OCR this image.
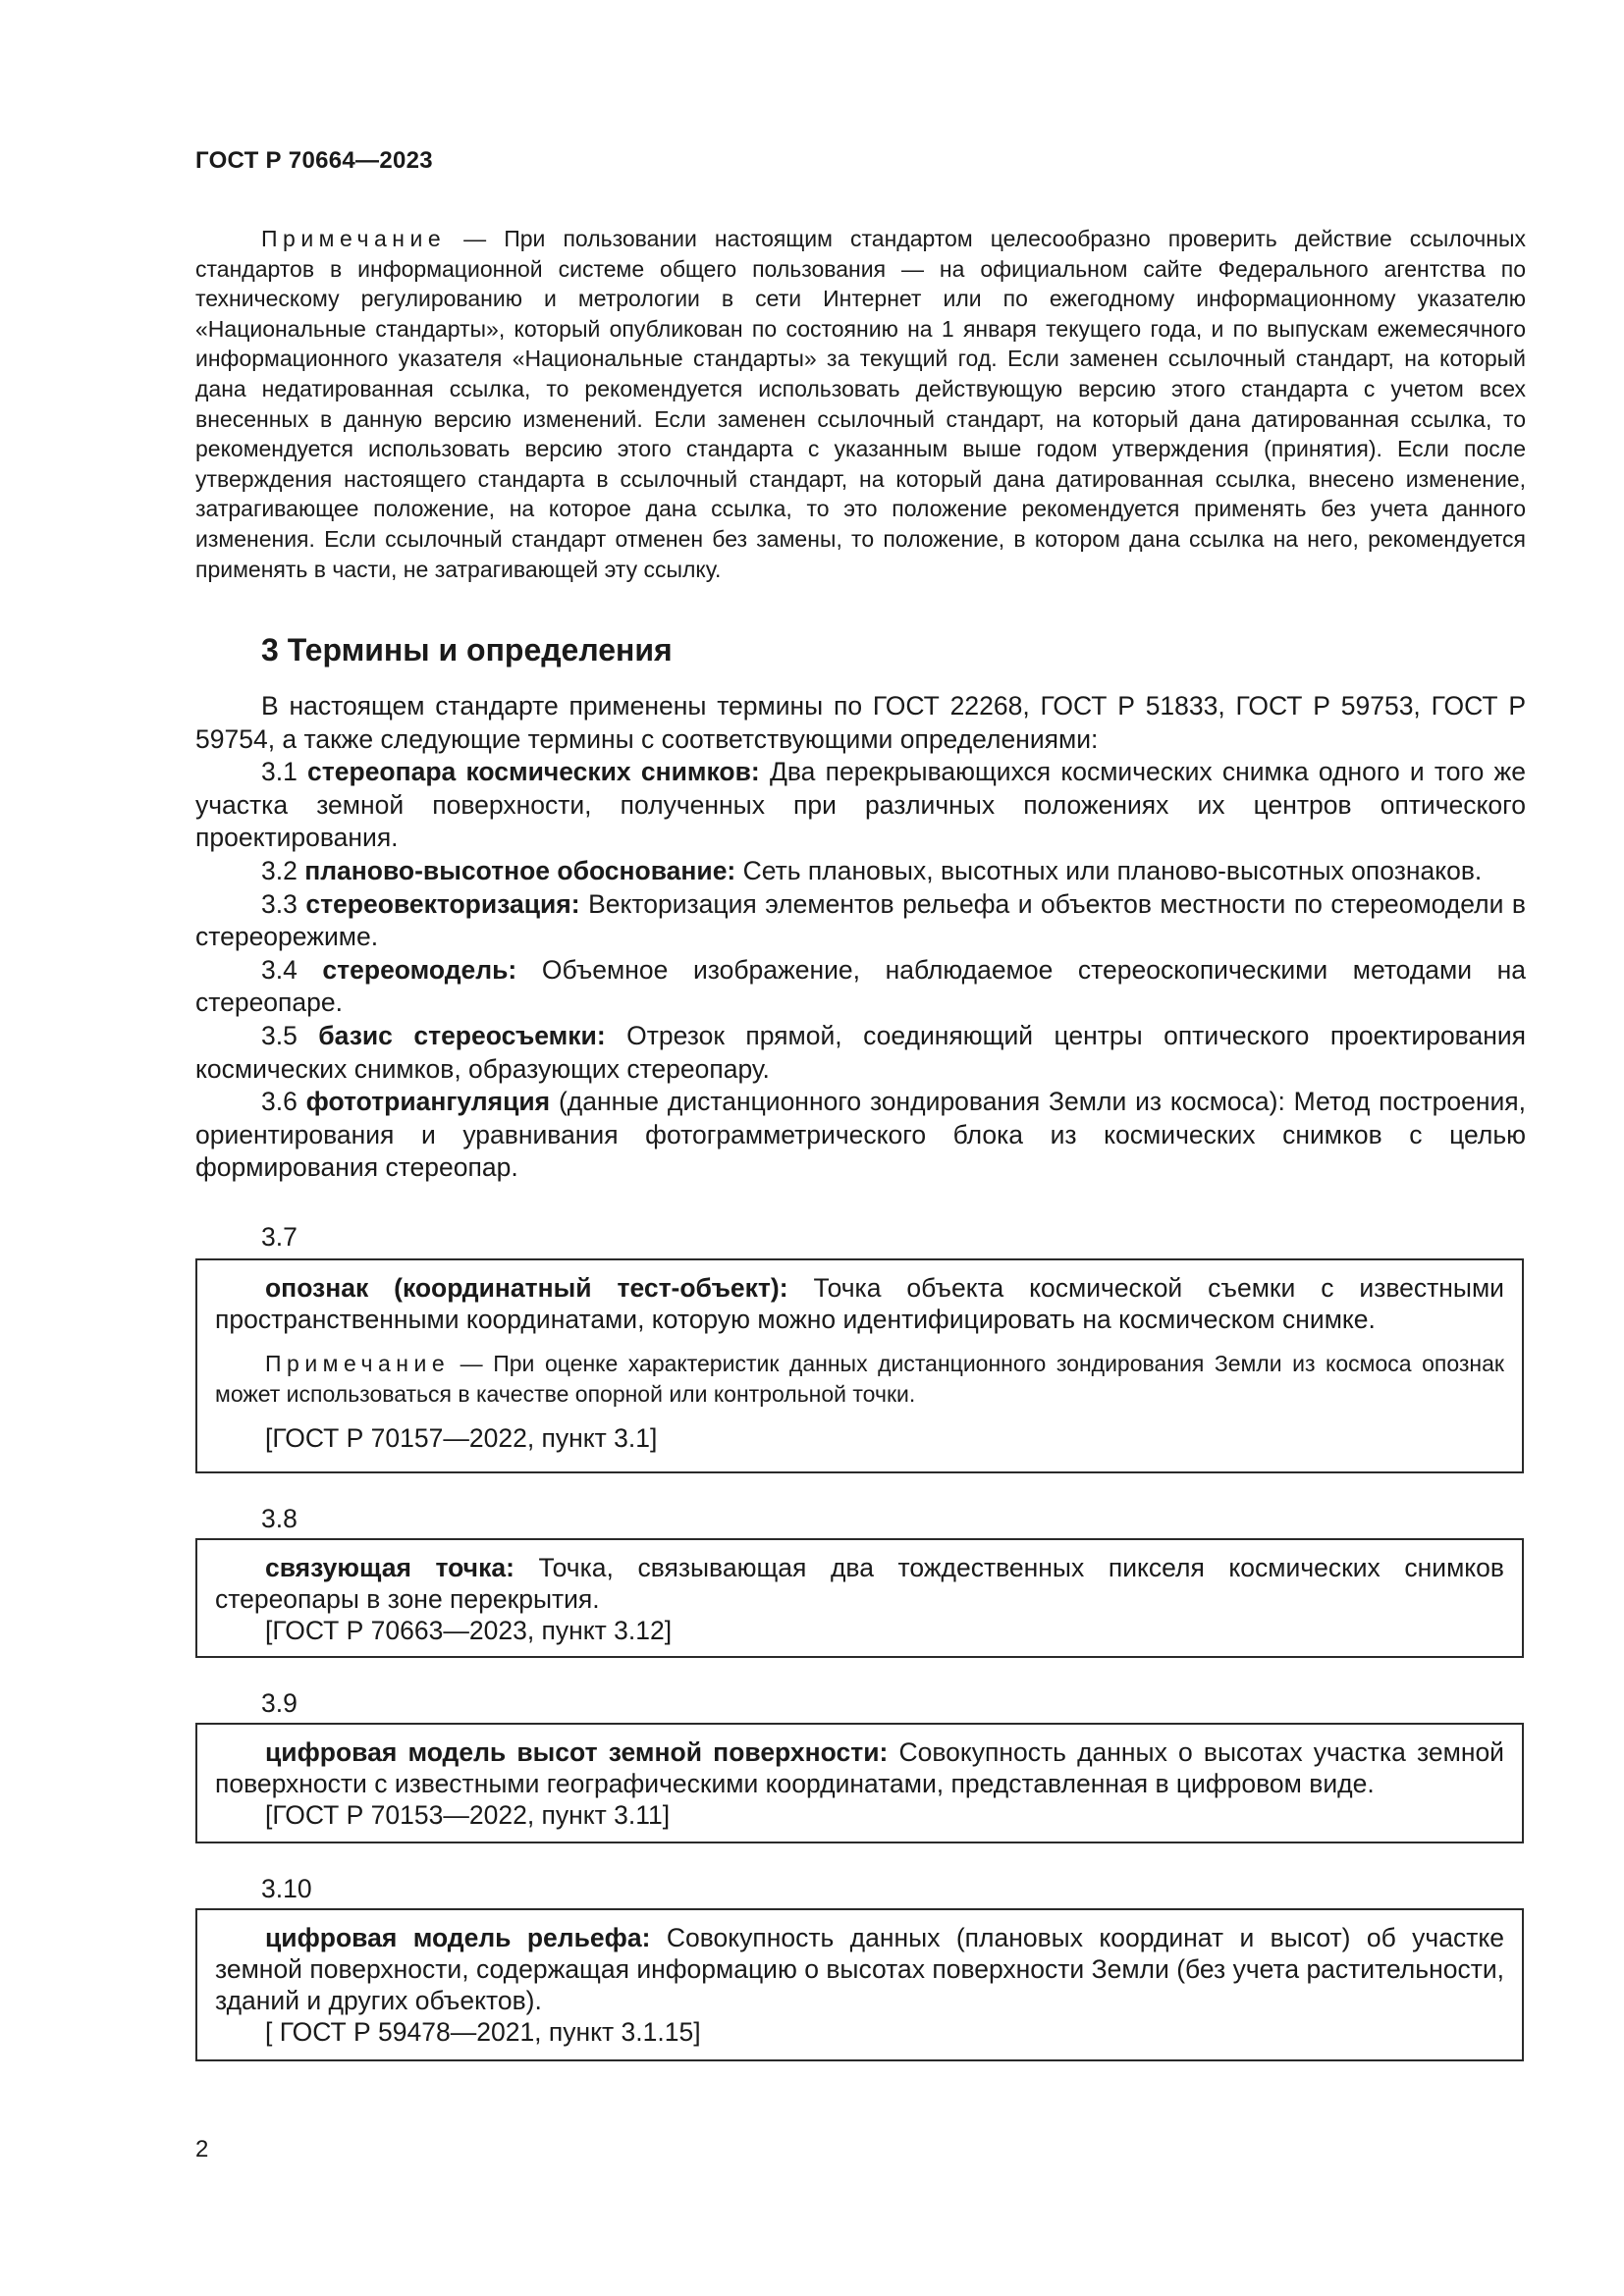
ГОСТ Р 70664—2023
Примечание — При пользовании настоящим стандартом целесообразно проверить действие ссылочных стандартов в информационной системе общего пользования — на официальном сайте Федерального агентства по техническому регулированию и метрологии в сети Интернет или по ежегодному информационному указателю «Национальные стандарты», который опубликован по состоянию на 1 января текущего года, и по выпускам ежемесячного информационного указателя «Национальные стандарты» за текущий год. Если заменен ссылочный стандарт, на который дана недатированная ссылка, то рекомендуется использовать действующую версию этого стандарта с учетом всех внесенных в данную версию изменений. Если заменен ссылочный стандарт, на который дана датированная ссылка, то рекомендуется использовать версию этого стандарта с указанным выше годом утверждения (принятия). Если после утверждения настоящего стандарта в ссылочный стандарт, на который дана датированная ссылка, внесено изменение, затрагивающее положение, на которое дана ссылка, то это положение рекомендуется применять без учета данного изменения. Если ссылочный стандарт отменен без замены, то положение, в котором дана ссылка на него, рекомендуется применять в части, не затрагивающей эту ссылку.
3 Термины и определения

В настоящем стандарте применены термины по ГОСТ 22268, ГОСТ Р 51833, ГОСТ Р 59753, ГОСТ Р 59754, а также следующие термины с соответствующими определениями:

3.1 стереопара космических снимков: Два перекрывающихся космических снимка одного и того же участка земной поверхности, полученных при различных положениях их центров оптического проектирования.

3.2 планово-высотное обоснование: Сеть плановых, высотных или планово-высотных опознаков.

3.3 стереовекторизация: Векторизация элементов рельефа и объектов местности по стереомодели в стереорежиме.

3.4 стереомодель: Объемное изображение, наблюдаемое стереоскопическими методами на стереопаре.

3.5 базис стереосъемки: Отрезок прямой, соединяющий центры оптического проектирования космических снимков, образующих стереопару.

3.6 фототриангуляция (данные дистанционного зондирования Земли из космоса): Метод построения, ориентирования и уравнивания фотограмметрического блока из космических снимков с целью формирования стереопар.

3.7

опознак (координатный тест-объект): Точка объекта космической съемки с известными пространственными координатами, которую можно идентифицировать на космическом снимке.

Примечание — При оценке характеристик данных дистанционного зондирования Земли из космоса опознак может использоваться в качестве опорной или контрольной точки.

[ГОСТ Р 70157—2022, пункт 3.1]

3.8

связующая точка: Точка, связывающая два тождественных пикселя космических снимков стереопары в зоне перекрытия.

[ГОСТ Р 70663—2023, пункт 3.12]

3.9

цифровая модель высот земной поверхности: Совокупность данных о высотах участка земной поверхности с известными географическими координатами, представленная в цифровом виде.

[ГОСТ Р 70153—2022, пункт 3.11]

3.10

цифровая модель рельефа: Совокупность данных (плановых координат и высот) об участке земной поверхности, содержащая информацию о высотах поверхности Земли (без учета растительности, зданий и других объектов).

[ ГОСТ Р 59478—2021, пункт 3.1.15]

2
